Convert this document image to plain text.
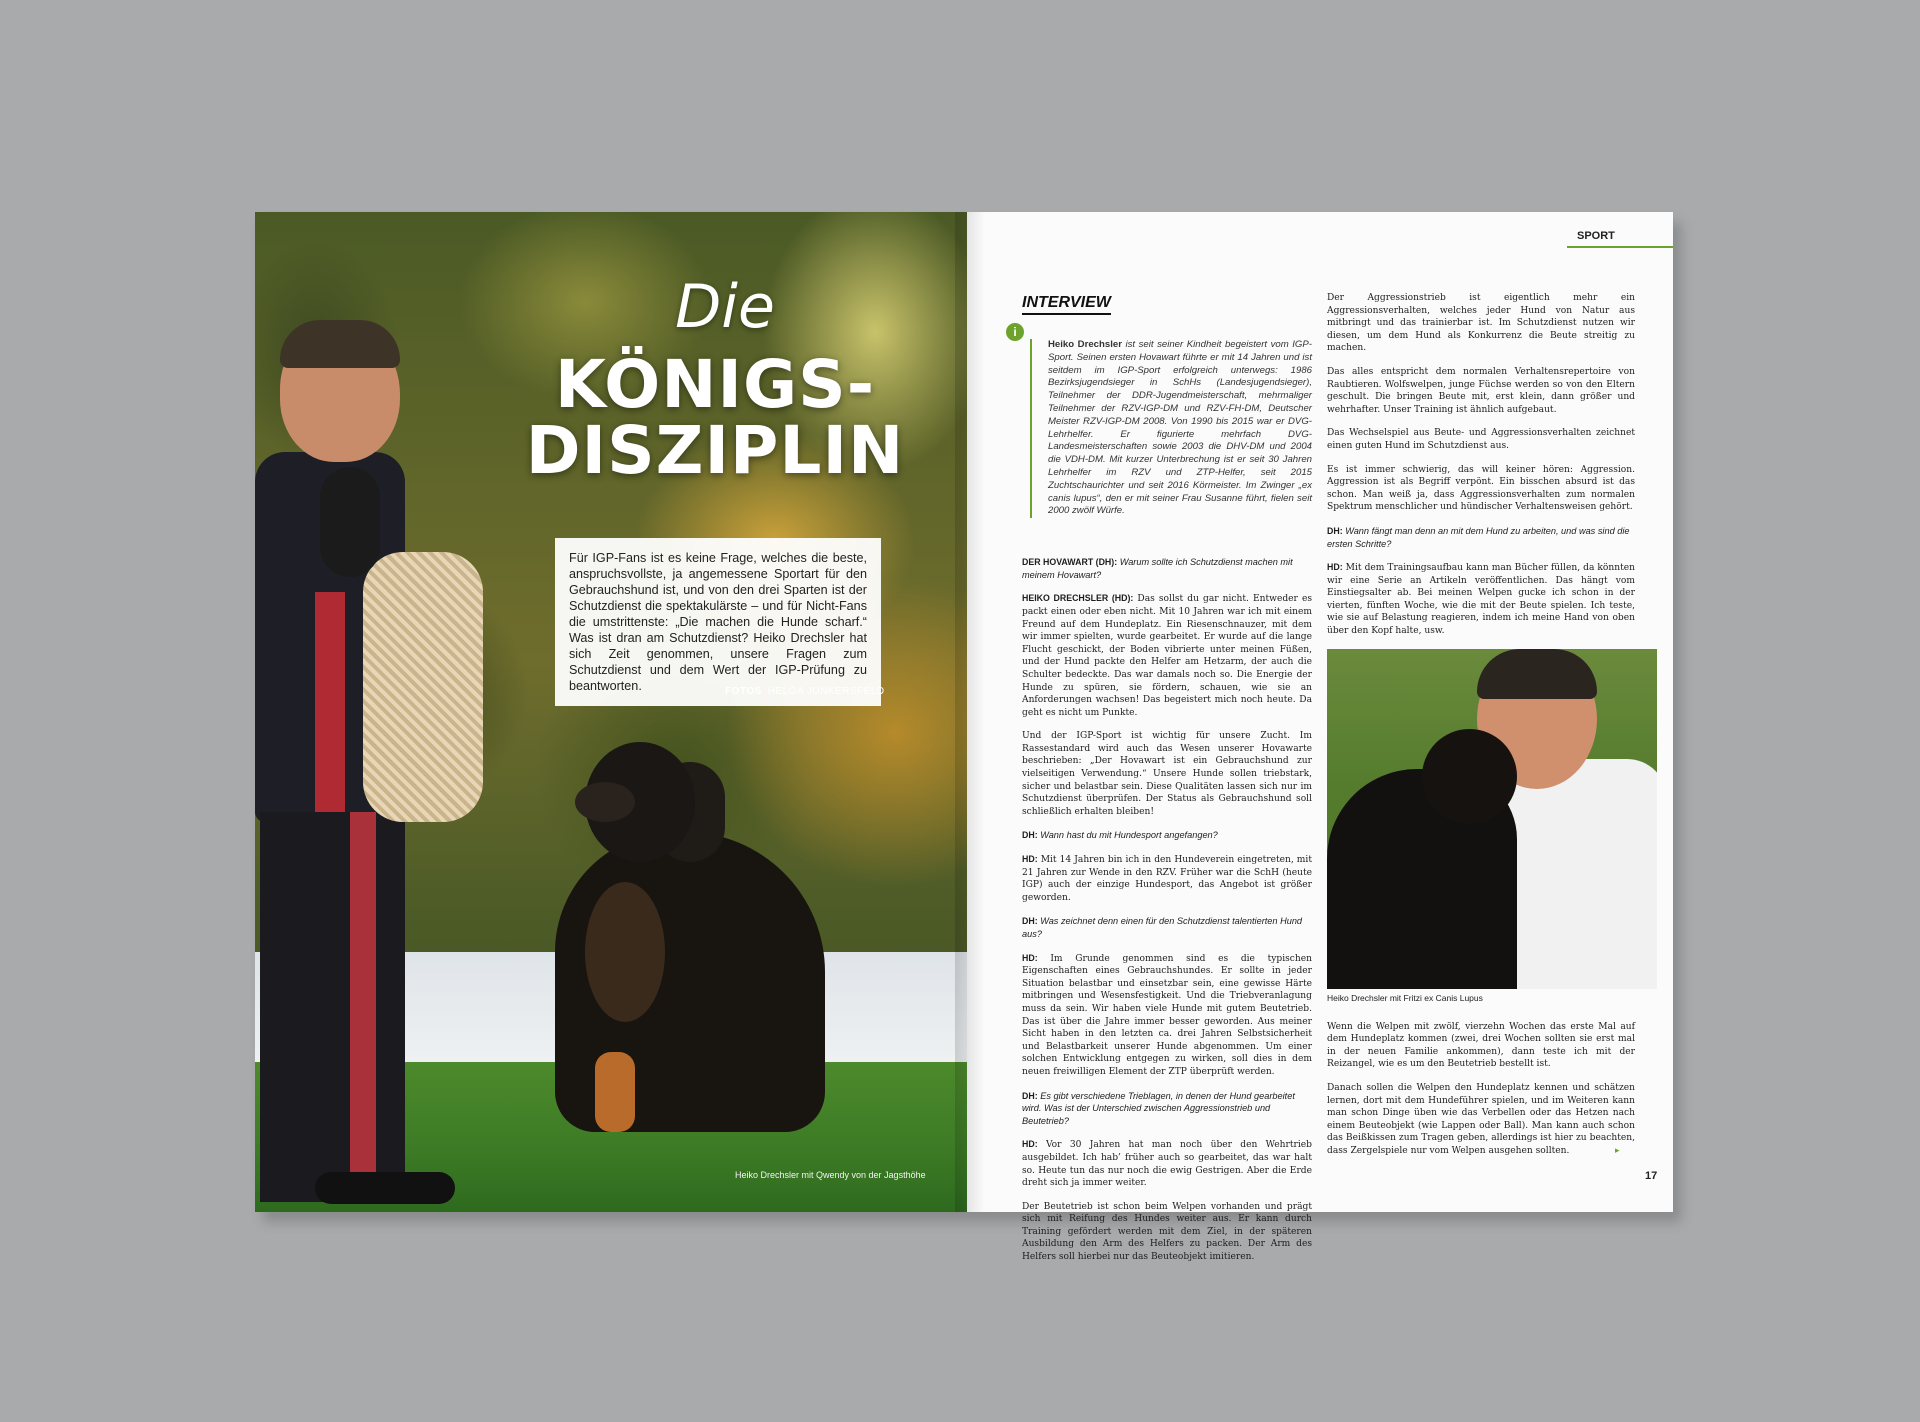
Die
KÖNIGS-
DISZIPLIN
Für IGP-Fans ist es keine Frage, welches die beste, anspruchsvollste, ja angemessene Sportart für den Gebrauchshund ist, und von den drei Sparten ist der Schutzdienst die spektakulärste – und für Nicht-Fans die umstrittenste: „Die machen die Hunde scharf.“ Was ist dran am Schutzdienst? Heiko Drechsler hat sich Zeit genommen, unsere Fragen zum Schutzdienst und dem Wert der IGP-Prüfung zu beantworten.	FOTOS HELGA JUNKERSFELD
Heiko Drechsler mit Qwendy von der Jagsthöhe
SPORT
INTERVIEW
i

Heiko Drechsler ist seit seiner Kindheit begeistert vom IGP-Sport. Seinen ersten Hovawart führte er mit 14 Jahren und ist seitdem im IGP-Sport erfolgreich unterwegs: 1986 Bezirksjugendsieger in SchHs (Landesjugendsieger), Teilnehmer der DDR-Jugendmeisterschaft, mehrmaliger Teilnehmer der RZV-IGP-DM und RZV-FH-DM, Deutscher Meister RZV-IGP-DM 2008. Von 1990 bis 2015 war er DVG-Lehrhelfer. Er figurierte mehrfach DVG-Landesmeisterschaften sowie 2003 die DHV-DM und 2004 die VDH-DM. Mit kurzer Unterbrechung ist er seit 30 Jahren Lehrhelfer im RZV und ZTP-Helfer, seit 2015 Zuchtschaurichter und seit 2016 Körmeister. Im Zwinger „ex canis lupus“, den er mit seiner Frau Susanne führt, fielen seit 2000 zwölf Würfe.

DER HOVAWART (DH): Warum sollte ich Schutzdienst machen mit meinem Hovawart?

HEIKO DRECHSLER (HD): Das sollst du gar nicht. Entweder es packt einen oder eben nicht. Mit 10 Jahren war ich mit einem Freund auf dem Hundeplatz. Ein Riesenschnauzer, mit dem wir immer spielten, wurde gearbeitet. Er wurde auf die lange Flucht geschickt, der Boden vibrierte unter meinen Füßen, und der Hund packte den Helfer am Hetzarm, der auch die Schulter bedeckte. Das war damals noch so. Die Energie der Hunde zu spüren, sie fördern, schauen, wie sie an Anforderungen wachsen! Das begeistert mich noch heute. Da geht es nicht um Punkte.

Und der IGP-Sport ist wichtig für unsere Zucht. Im Rassestandard wird auch das Wesen unserer Hovawarte beschrieben: „Der Hovawart ist ein Gebrauchshund zur vielseitigen Verwendung.“ Unsere Hunde sollen triebstark, sicher und belastbar sein. Diese Qualitäten lassen sich nur im Schutzdienst überprüfen. Der Status als Gebrauchshund soll schließlich erhalten bleiben!

DH: Wann hast du mit Hundesport angefangen?

HD: Mit 14 Jahren bin ich in den Hundeverein eingetreten, mit 21 Jahren zur Wende in den RZV. Früher war die SchH (heute IGP) auch der einzige Hundesport, das Angebot ist größer geworden.

DH: Was zeichnet denn einen für den Schutzdienst talentierten Hund aus?

HD: Im Grunde genommen sind es die typischen Eigenschaften eines Gebrauchshundes. Er sollte in jeder Situation belastbar und einsetzbar sein, eine gewisse Härte mitbringen und Wesensfestigkeit. Und die Triebveranlagung muss da sein. Wir haben viele Hunde mit gutem Beutetrieb. Das ist über die Jahre immer besser geworden. Aus meiner Sicht haben in den letzten ca. drei Jahren Selbstsicherheit und Belastbarkeit unserer Hunde abgenommen. Um einer solchen Entwicklung entgegen zu wirken, soll dies in dem neuen freiwilligen Element der ZTP überprüft werden.

DH: Es gibt verschiedene Trieblagen, in denen der Hund gearbeitet wird. Was ist der Unterschied zwischen Aggressionstrieb und Beutetrieb?

HD: Vor 30 Jahren hat man noch über den Wehrtrieb ausgebildet. Ich hab’ früher auch so gearbeitet, das war halt so. Heute tun das nur noch die ewig Gestrigen. Aber die Erde dreht sich ja immer weiter.

Der Beutetrieb ist schon beim Welpen vorhanden und prägt sich mit Reifung des Hundes weiter aus. Er kann durch Training gefördert werden mit dem Ziel, in der späteren Ausbildung den Arm des Helfers zu packen. Der Arm des Helfers soll hierbei nur das Beuteobjekt imitieren.

Der Aggressionstrieb ist eigentlich mehr ein Aggressionsverhalten, welches jeder Hund von Natur aus mitbringt und das trainierbar ist. Im Schutzdienst nutzen wir diesen, um dem Hund als Konkurrenz die Beute streitig zu machen.

Das alles entspricht dem normalen Verhaltensrepertoire von Raubtieren. Wolfswelpen, junge Füchse werden so von den Eltern geschult. Die bringen Beute mit, erst klein, dann größer und wehrhafter. Unser Training ist ähnlich aufgebaut.

Das Wechselspiel aus Beute- und Aggressionsverhalten zeichnet einen guten Hund im Schutzdienst aus.

Es ist immer schwierig, das will keiner hören: Aggression. Aggression ist als Begriff verpönt. Ein bisschen absurd ist das schon. Man weiß ja, dass Aggressionsverhalten zum normalen Spektrum menschlicher und hündischer Verhaltensweisen gehört.

DH: Wann fängt man denn an mit dem Hund zu arbeiten, und was sind die ersten Schritte?

HD: Mit dem Trainingsaufbau kann man Bücher füllen, da könnten wir eine Serie an Artikeln veröffentlichen. Das hängt vom Einstiegsalter ab. Bei meinen Welpen gucke ich schon in der vierten, fünften Woche, wie die mit der Beute spielen. Ich teste, wie sie auf Belastung reagieren, indem ich meine Hand von oben über den Kopf halte, usw.

Heiko Drechsler mit Fritzi ex Canis Lupus

Wenn die Welpen mit zwölf, vierzehn Wochen das erste Mal auf dem Hundeplatz kommen (zwei, drei Wochen sollten sie erst mal in der neuen Familie ankommen), dann teste ich mit der Reizangel, wie es um den Beutetrieb bestellt ist.

Danach sollen die Welpen den Hundeplatz kennen und schätzen lernen, dort mit dem Hundeführer spielen, und im Weiteren kann man schon Dinge üben wie das Verbellen oder das Hetzen nach einem Beuteobjekt (wie Lappen oder Ball). Man kann auch schon das Beißkissen zum Tragen geben, allerdings ist hier zu beachten, dass Zergelspiele nur vom Welpen ausgehen sollten.	▸
17
